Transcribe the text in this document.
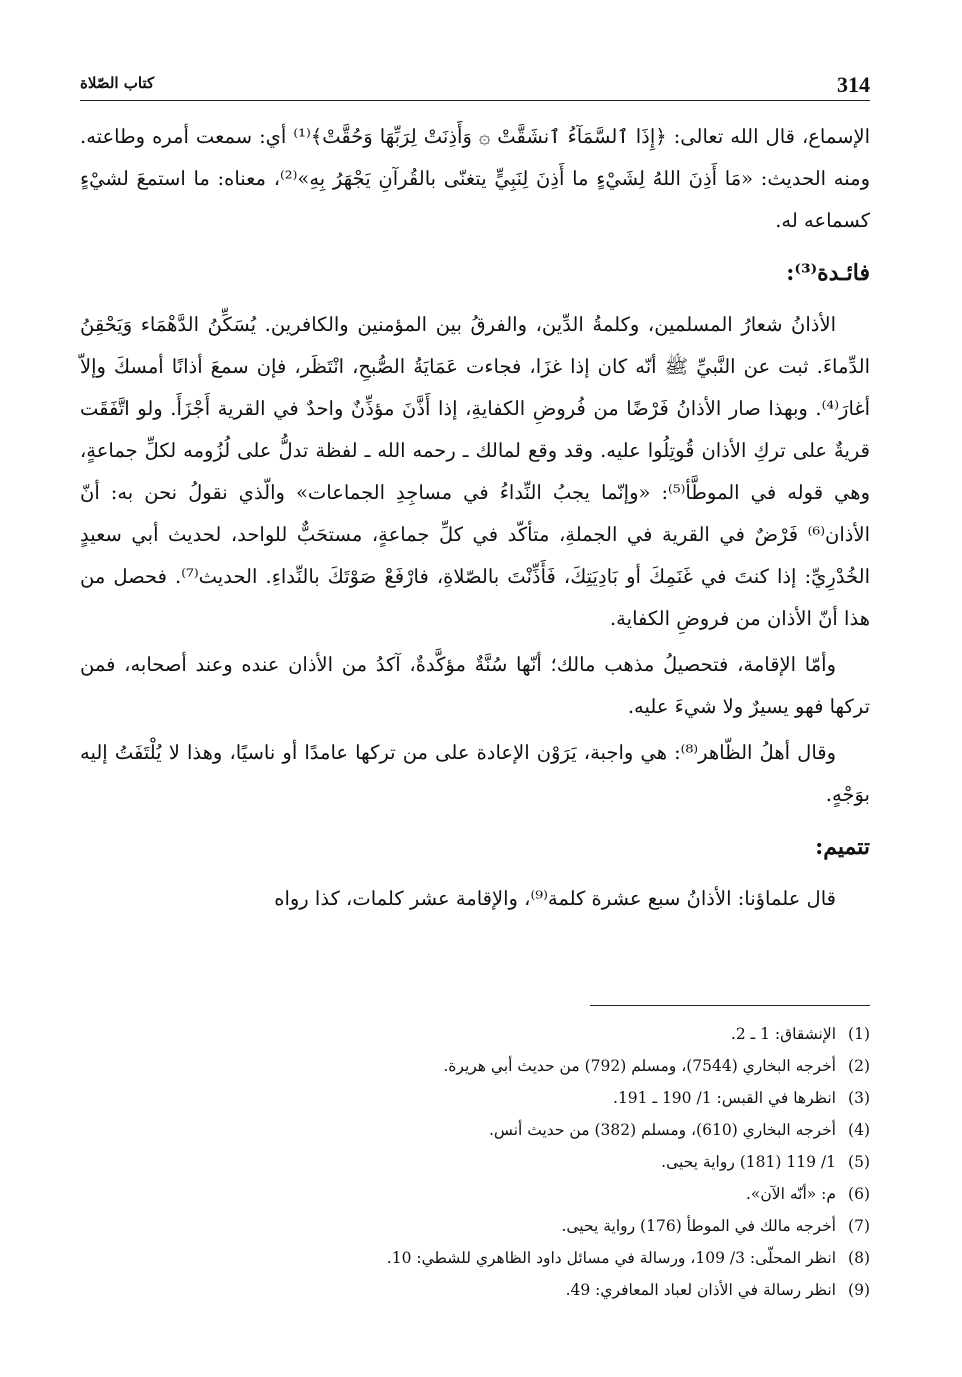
314
كتاب الصّلاة

الإسماع، قال الله تعالى: ﴿إِذَا ٱلسَّمَآءُ ٱنشَقَّتْ ۞ وَأَذِنَتْ لِرَبِّهَا وَحُقَّتْ﴾⁽¹⁾ أي: سمعت أمره وطاعته. ومنه الحديث: «مَا أَذِنَ اللهُ لِشَيْءٍ ما أَذِنَ لِنَبِيٍّ يتغنّى بالقُرآنِ يَجْهَرُ بِهِ»⁽²⁾، معناه: ما استمعَ لشيْءٍ كسماعه له.

فائـدة⁽³⁾:

الأذانُ شعارُ المسلمين، وكلمةُ الدِّين، والفرقُ بين المؤمنين والكافرين. يُسَكِّنُ الدَّهْمَاء وَيَحْقِنُ الدِّماءَ. ثبت عن النَّبيِّ ﷺ أنّه كان إذا غزَا، فجاءت عَمَايَةُ الصُّبحِ، انْتَظَر، فإن سمعَ أذانًا أمسكَ وإلاّ أغارَ⁽⁴⁾. وبهذا صار الأذانُ فَرْضًا من فُروضِ الكفايةِ، إذا أَذَّنَ مؤذِّنٌ واحدٌ في القرية أَجْزَأَ. ولو اتَّفَقَت قريةٌ على تركِ الأذان قُوتِلُوا عليه. وقد وقع لمالك ـ رحمه الله ـ لفظة تدلُّ على لُزُومه لكلِّ جماعةٍ، وهي قوله في الموطَّأ⁽⁵⁾: «وإنّما يجبُ النِّداءُ في مساجِدِ الجماعات» والّذي نقولُ نحن به: أنّ الأذان⁽⁶⁾ فَرْضٌ في القرية في الجملةِ، متأكّد في كلِّ جماعةٍ، مستحَبٌّ للواحد، لحديث أبي سعيدٍ الخُدْرِيِّ: إذا كنتَ في غَنَمِكَ أو بَادِيَتِكَ، فَأَذِّنْتَ بالصّلاةِ، فارْفَعْ صَوْتَكَ بالنِّداءِ. الحديث⁽⁷⁾. فحصل من هذا أنّ الأذان من فروضِ الكفاية.

وأمّا الإقامة، فتحصيلُ مذهب مالك؛ أنّها سُنَّةٌ مؤكَّدةٌ، آكدُ من الأذان عنده وعند أصحابه، فمن تركها فهو يسيرٌ ولا شيءَ عليه.

وقال أهلُ الظّاهر⁽⁸⁾: هي واجبة، يَرَوْن الإعادة على من تركها عامدًا أو ناسيًا، وهذا لا يُلْتَفَتُ إليه بوَجْهٍ.

تتميم:

قال علماؤنا: الأذانُ سبع عشرة كلمة⁽⁹⁾، والإقامة عشر كلمات، كذا رواه

(1)الإنشقاق: 1 ـ 2.
(2)أخرجه البخاري (7544)، ومسلم (792) من حديث أبي هريرة.
(3)انظرها في القبس: 1/ 190 ـ 191.
(4)أخرجه البخاري (610)، ومسلم (382) من حديث أنس.
(5)1/ 119 (181) رواية يحيى.
(6)م: «أنّه الآن».
(7)أخرجه مالك في الموطأ (176) رواية يحيى.
(8)انظر المحلّى: 3/ 109، ورسالة في مسائل داود الظاهري للشطي: 10.
(9)انظر رسالة في الأذان لعباد المعافري: 49.
